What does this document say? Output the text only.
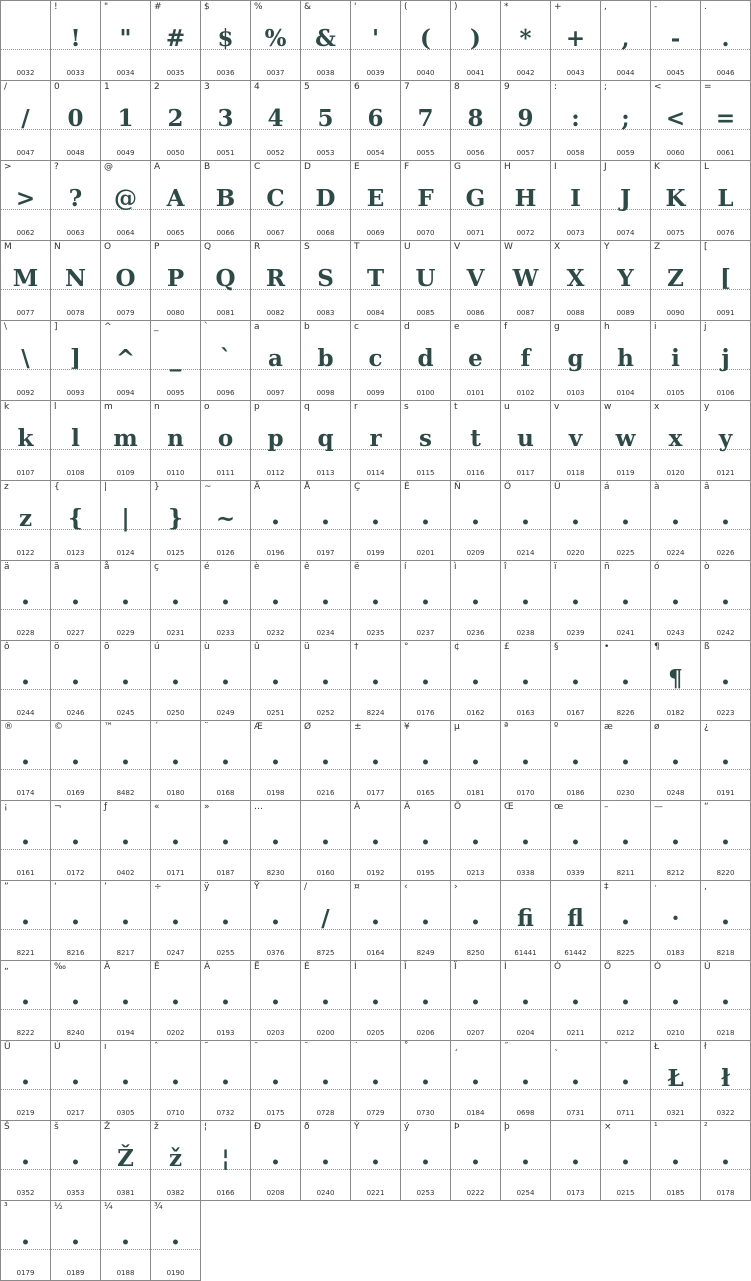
0032
!
!
0033
"
"
0034
#
#
0035
$
$
0036
%
%
0037
&
&
0038
'
'
0039
(
(
0040
)
)
0041
*
*
0042
+
+
0043
,
,
0044
-
-
0045
.
.
0046
/
/
0047
0
0
0048
1
1
0049
2
2
0050
3
3
0051
4
4
0052
5
5
0053
6
6
0054
7
7
0055
8
8
0056
9
9
0057
:
:
0058
;
;
0059
<
<
0060
=
=
0061
>
>
0062
?
?
0063
@
@
0064
A
A
0065
B
B
0066
C
C
0067
D
D
0068
E
E
0069
F
F
0070
G
G
0071
H
H
0072
I
I
0073
J
J
0074
K
K
0075
L
L
0076
M
M
0077
N
N
0078
O
O
0079
P
P
0080
Q
Q
0081
R
R
0082
S
S
0083
T
T
0084
U
U
0085
V
V
0086
W
W
0087
X
X
0088
Y
Y
0089
Z
Z
0090
[
[
0091
\
\
0092
]
]
0093
^
^
0094
_
_
0095
`
`
0096
a
a
0097
b
b
0098
c
c
0099
d
d
0100
e
e
0101
f
f
0102
g
g
0103
h
h
0104
i
i
0105
j
j
0106
k
k
0107
l
l
0108
m
m
0109
n
n
0110
o
o
0111
p
p
0112
q
q
0113
r
r
0114
s
s
0115
t
t
0116
u
u
0117
v
v
0118
w
w
0119
x
x
0120
y
y
0121
z
z
0122
{
{
0123
|
|
0124
}
}
0125
~
~
0126
Ä
•
0196
Å
•
0197
Ç
•
0199
É
•
0201
Ñ
•
0209
Ö
•
0214
Ü
•
0220
á
•
0225
à
•
0224
â
•
0226
ä
•
0228
ã
•
0227
å
•
0229
ç
•
0231
é
•
0233
è
•
0232
ê
•
0234
ë
•
0235
í
•
0237
ì
•
0236
î
•
0238
ï
•
0239
ñ
•
0241
ó
•
0243
ò
•
0242
ô
•
0244
ö
•
0246
õ
•
0245
ú
•
0250
ù
•
0249
û
•
0251
ü
•
0252
†
•
8224
°
•
0176
¢
•
0162
£
•
0163
§
•
0167
•
•
8226
¶
¶
0182
ß
•
0223
®
•
0174
©
•
0169
™
•
8482
´
•
0180
¨
•
0168
Æ
•
0198
Ø
•
0216
±
•
0177
¥
•
0165
µ
•
0181
ª
•
0170
º
•
0186
æ
•
0230
ø
•
0248
¿
•
0191
¡
•
0161
¬
•
0172
ƒ
•
0402
«
•
0171
»
•
0187
…
•
8230
•
0160
À
•
0192
Ã
•
0195
Õ
•
0213
Œ
•
0338
œ
•
0339
–
•
8211
—
•
8212
“
•
8220
”
•
8221
‘
•
8216
’
•
8217
÷
•
0247
ÿ
•
0255
Ÿ
•
0376
∕
/
8725
¤
•
0164
‹
•
8249
›
•
8250
fi
61441
fl
61442
‡
•
8225
·
·
0183
‚
•
8218
„
•
8222
‰
•
8240
Â
•
0194
Ê
•
0202
Á
•
0193
Ë
•
0203
È
•
0200
Í
•
0205
Î
•
0206
Ï
•
0207
Ì
•
0204
Ó
•
0211
Ô
•
0212
Ò
•
0210
Ú
•
0218
Û
•
0219
Ù
•
0217
ı
•
0305
ˆ
•
0710
˜
•
0732
¯
•
0175
˘
•
0728
˙
•
0729
˚
•
0730
¸
•
0184
˝
•
0698
˛
•
0731
ˇ
•
0711
Ł
Ł
0321
ł
ł
0322
Š
•
0352
š
•
0353
Ž
Ž
0381
ž
ž
0382
¦
¦
0166
Ð
•
0208
ð
•
0240
Ý
•
0221
ý
•
0253
Þ
•
0222
þ
•
0254
•
0173
×
•
0215
¹
•
0185
²
•
0178
³
•
0179
½
•
0189
¼
•
0188
¾
•
0190
